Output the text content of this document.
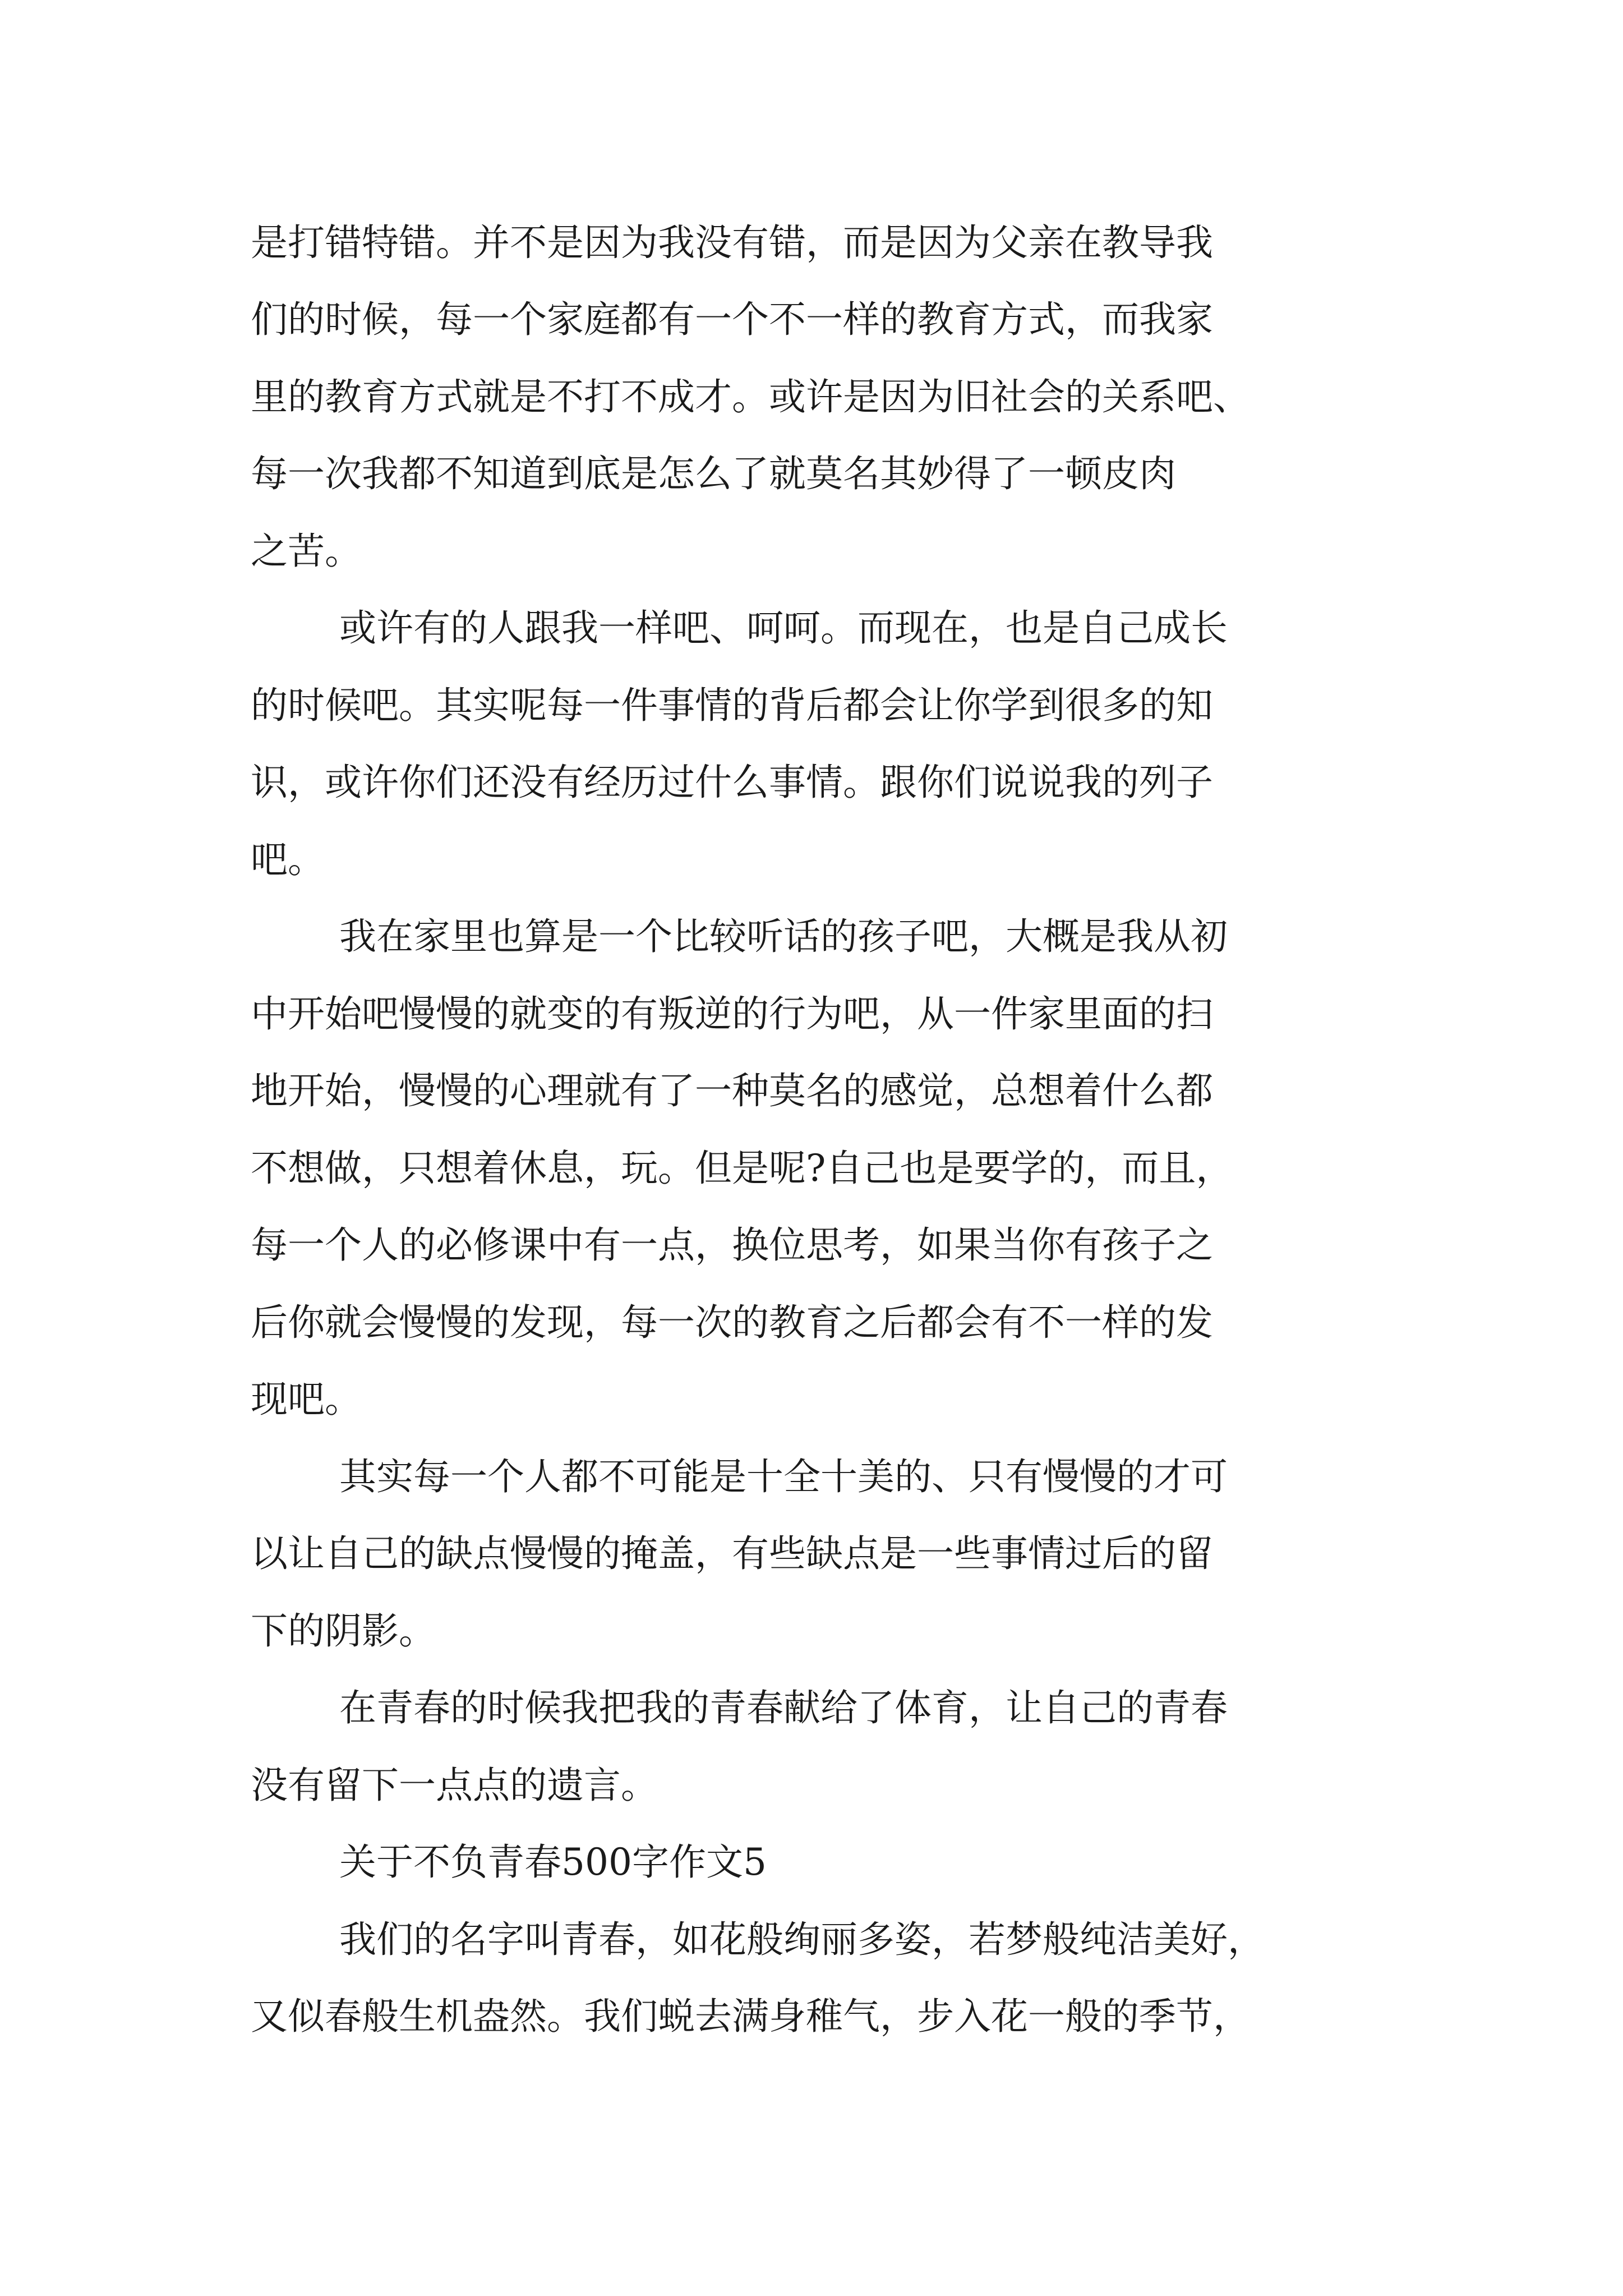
是打错特错。并不是因为我没有错，而是因为父亲在教导我

们的时候，每一个家庭都有一个不一样的教育方式，而我家

里的教育方式就是不打不成才。或许是因为旧社会的关系吧、

每一次我都不知道到底是怎么了就莫名其妙得了一顿皮肉

之苦。

或许有的人跟我一样吧、呵呵。而现在，也是自己成长

的时候吧。其实呢每一件事情的背后都会让你学到很多的知

识，或许你们还没有经历过什么事情。跟你们说说我的列子

吧。

我在家里也算是一个比较听话的孩子吧，大概是我从初

中开始吧慢慢的就变的有叛逆的行为吧，从一件家里面的扫

地开始，慢慢的心理就有了一种莫名的感觉，总想着什么都

不想做，只想着休息，玩。但是呢?自己也是要学的，而且，

每一个人的必修课中有一点，换位思考，如果当你有孩子之

后你就会慢慢的发现，每一次的教育之后都会有不一样的发

现吧。

其实每一个人都不可能是十全十美的、只有慢慢的才可

以让自己的缺点慢慢的掩盖，有些缺点是一些事情过后的留

下的阴影。

在青春的时候我把我的青春献给了体育，让自己的青春

没有留下一点点的遗言。

关于不负青春500字作文5

我们的名字叫青春，如花般绚丽多姿，若梦般纯洁美好，

又似春般生机盎然。我们蜕去满身稚气，步入花一般的季节，
